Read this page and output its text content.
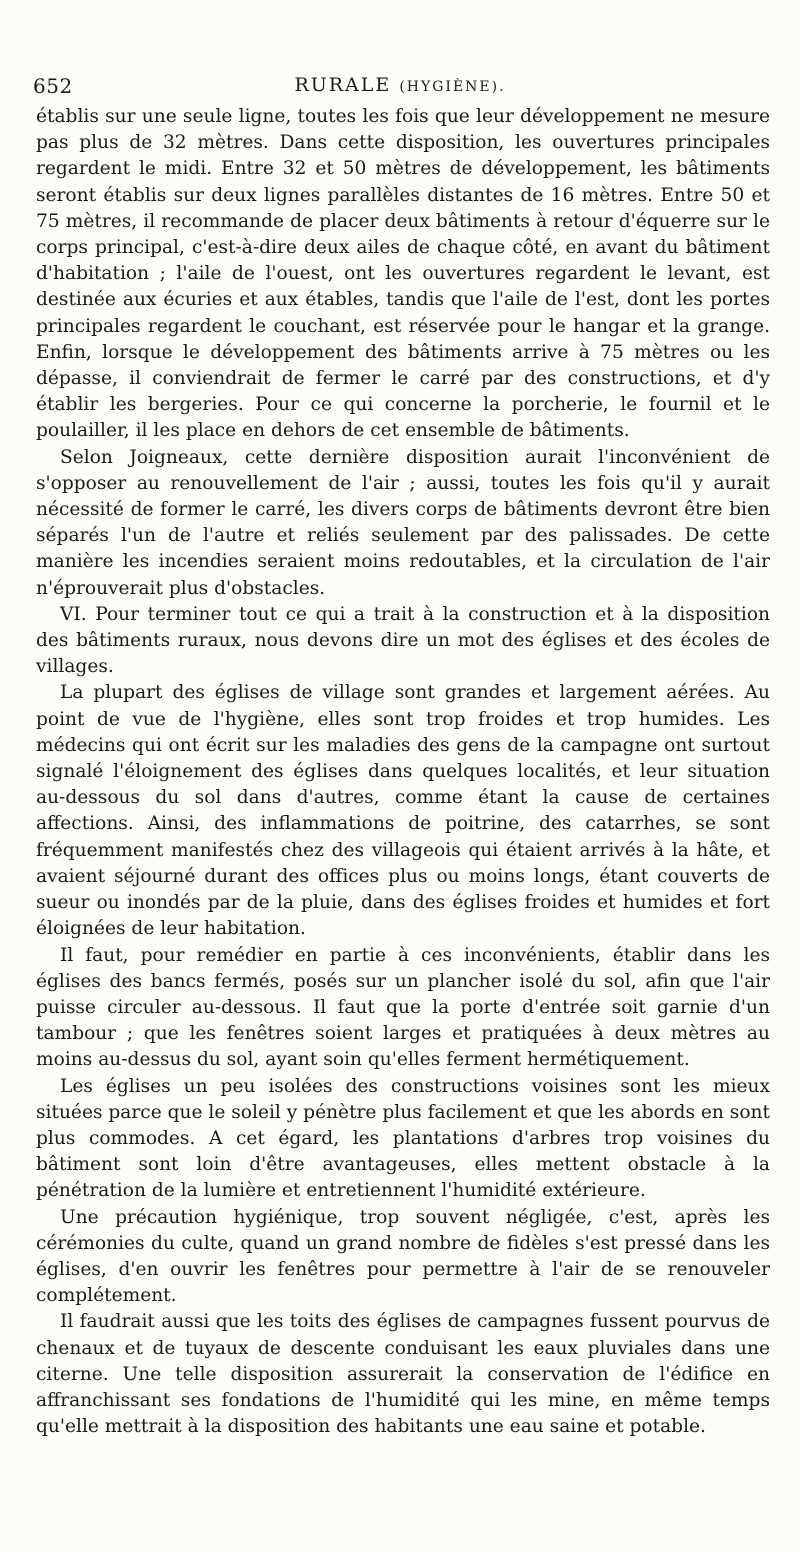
652	RURALE (HYGIÈNE).

établis sur une seule ligne, toutes les fois que leur développement ne mesure pas plus de 32 mètres. Dans cette disposition, les ouvertures principales regardent le midi. Entre 32 et 50 mètres de développement, les bâtiments seront établis sur deux lignes parallèles distantes de 16 mètres. Entre 50 et 75 mètres, il recommande de placer deux bâtiments à retour d'équerre sur le corps principal, c'est-à-dire deux ailes de chaque côté, en avant du bâtiment d'habitation ; l'aile de l'ouest, ont les ouvertures regardent le levant, est destinée aux écuries et aux étables, tandis que l'aile de l'est, dont les portes principales regardent le couchant, est réservée pour le hangar et la grange. Enfin, lorsque le développement des bâtiments arrive à 75 mètres ou les dépasse, il conviendrait de fermer le carré par des constructions, et d'y établir les bergeries. Pour ce qui concerne la porcherie, le fournil et le poulailler, il les place en dehors de cet ensemble de bâtiments.

Selon Joigneaux, cette dernière disposition aurait l'inconvénient de s'opposer au renouvellement de l'air ; aussi, toutes les fois qu'il y aurait nécessité de former le carré, les divers corps de bâtiments devront être bien séparés l'un de l'autre et reliés seulement par des palissades. De cette manière les incendies seraient moins redoutables, et la circulation de l'air n'éprouverait plus d'obstacles.

VI. Pour terminer tout ce qui a trait à la construction et à la disposition des bâtiments ruraux, nous devons dire un mot des églises et des écoles de villages.

La plupart des églises de village sont grandes et largement aérées. Au point de vue de l'hygiène, elles sont trop froides et trop humides. Les médecins qui ont écrit sur les maladies des gens de la campagne ont surtout signalé l'éloignement des églises dans quelques localités, et leur situation au-dessous du sol dans d'autres, comme étant la cause de certaines affections. Ainsi, des inflammations de poitrine, des catarrhes, se sont fréquemment manifestés chez des villageois qui étaient arrivés à la hâte, et avaient séjourné durant des offices plus ou moins longs, étant couverts de sueur ou inondés par de la pluie, dans des églises froides et humides et fort éloignées de leur habitation.

Il faut, pour remédier en partie à ces inconvénients, établir dans les églises des bancs fermés, posés sur un plancher isolé du sol, afin que l'air puisse circuler au-dessous. Il faut que la porte d'entrée soit garnie d'un tambour ; que les fenêtres soient larges et pratiquées à deux mètres au moins au-dessus du sol, ayant soin qu'elles ferment hermétiquement.

Les églises un peu isolées des constructions voisines sont les mieux situées parce que le soleil y pénètre plus facilement et que les abords en sont plus commodes. A cet égard, les plantations d'arbres trop voisines du bâtiment sont loin d'être avantageuses, elles mettent obstacle à la pénétration de la lumière et entretiennent l'humidité extérieure.

Une précaution hygiénique, trop souvent négligée, c'est, après les cérémonies du culte, quand un grand nombre de fidèles s'est pressé dans les églises, d'en ouvrir les fenêtres pour permettre à l'air de se renouveler complétement.

Il faudrait aussi que les toits des églises de campagnes fussent pourvus de chenaux et de tuyaux de descente conduisant les eaux pluviales dans une citerne. Une telle disposition assurerait la conservation de l'édifice en affranchissant ses fondations de l'humidité qui les mine, en même temps qu'elle mettrait à la disposition des habitants une eau saine et potable.
